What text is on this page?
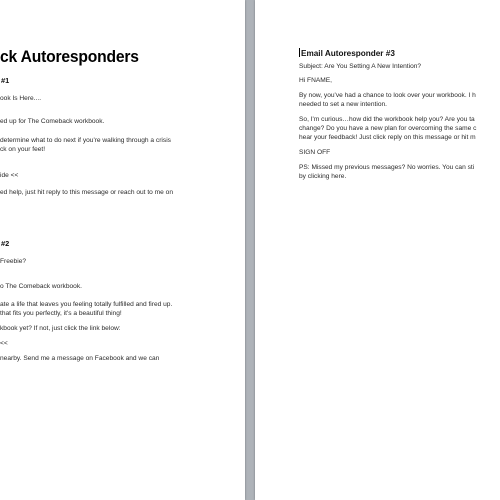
ck Autoresponders
#1
ook Is Here....
ed up for The Comeback workbook.
determine what to do next if you're walking through a crisis
ck on your feet!
ide <<
ed help, just hit reply to this message or reach out to me on
#2
Freebie?
o The Comeback workbook.
ate a life that leaves you feeling totally fulfilled and fired up.
that fits you perfectly, it's a beautiful thing!
kbook yet? If not, just click the link below:
<<
nearby. Send me a message on Facebook and we can
Email Autoresponder #3
Subject: Are You Setting A New Intention?
Hi FNAME,
By now, you've had a chance to look over your workbook. I h
needed to set a new intention.
So, I'm curious…how did the workbook help you? Are you ta
change? Do you have a new plan for overcoming the same c
hear your feedback! Just click reply on this message or hit m
SIGN OFF
PS: Missed my previous messages? No worries. You can sti
by clicking here.
